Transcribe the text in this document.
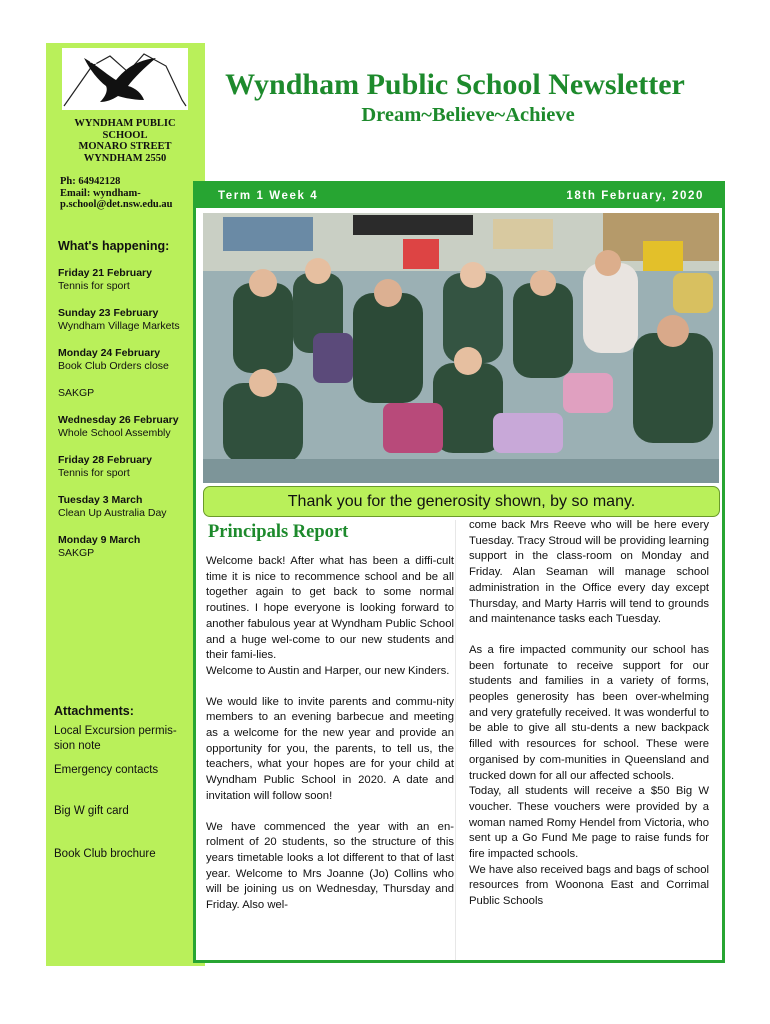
WYNDHAM PUBLIC
SCHOOL
MONARO STREET
WYNDHAM 2550
Ph: 64942128
Email: wyndham-
p.school@det.nsw.edu.au
What's happening:
Friday 21 February
Tennis for sport
Sunday 23 February
Wyndham Village Markets
Monday 24 February
Book Club Orders close
SAKGP
Wednesday 26 February
Whole School Assembly
Friday 28 February
Tennis for sport
Tuesday 3 March
Clean Up Australia Day
Monday 9 March
SAKGP
Attachments:
Local Excursion permis-sion note
Emergency contacts
Big W gift card
Book Club brochure
Wyndham Public School Newsletter
Dream~Believe~Achieve
Term 1 Week 4	18th February, 2020
Thank you for the generosity shown, by so many.
Principals Report

Welcome back! After what has been a diffi-cult time it is nice to recommence school and be all together again to get back to some normal routines. I hope everyone is looking forward to another fabulous year at Wyndham Public School and a huge wel-come to our new students and their fami-lies.

Welcome to Austin and Harper, our new Kinders.

We would like to invite parents and commu-nity members to an evening barbecue and meeting as a welcome for the new year and provide an opportunity for you, the parents, to tell us, the teachers, what your hopes are for your child at Wyndham Public School in 2020. A date and invitation will follow soon!

We have commenced the year with an en-rolment of 20 students, so the structure of this years timetable looks a lot different to that of last year. Welcome to Mrs Joanne (Jo) Collins who will be joining us on Wednesday, Thursday and Friday. Also wel-

come back Mrs Reeve who will be here every Tuesday. Tracy Stroud will be providing learning support in the class-room on Monday and Friday. Alan Seaman will manage school administration in the Office every day except Thursday, and Marty Harris will tend to grounds and maintenance tasks each Tuesday.

As a fire impacted community our school has been fortunate to receive support for our students and families in a variety of forms, peoples generosity has been over-whelming and very gratefully received. It was wonderful to be able to give all stu-dents a new backpack filled with resources for school. These were organised by com-munities in Queensland and trucked down for all our affected schools.

Today, all students will receive a $50 Big W voucher. These vouchers were provided by a woman named Romy Hendel from Victoria, who sent up a Go Fund Me page to raise funds for fire impacted schools.

We have also received bags and bags of school resources from Woonona East and Corrimal Public Schools
